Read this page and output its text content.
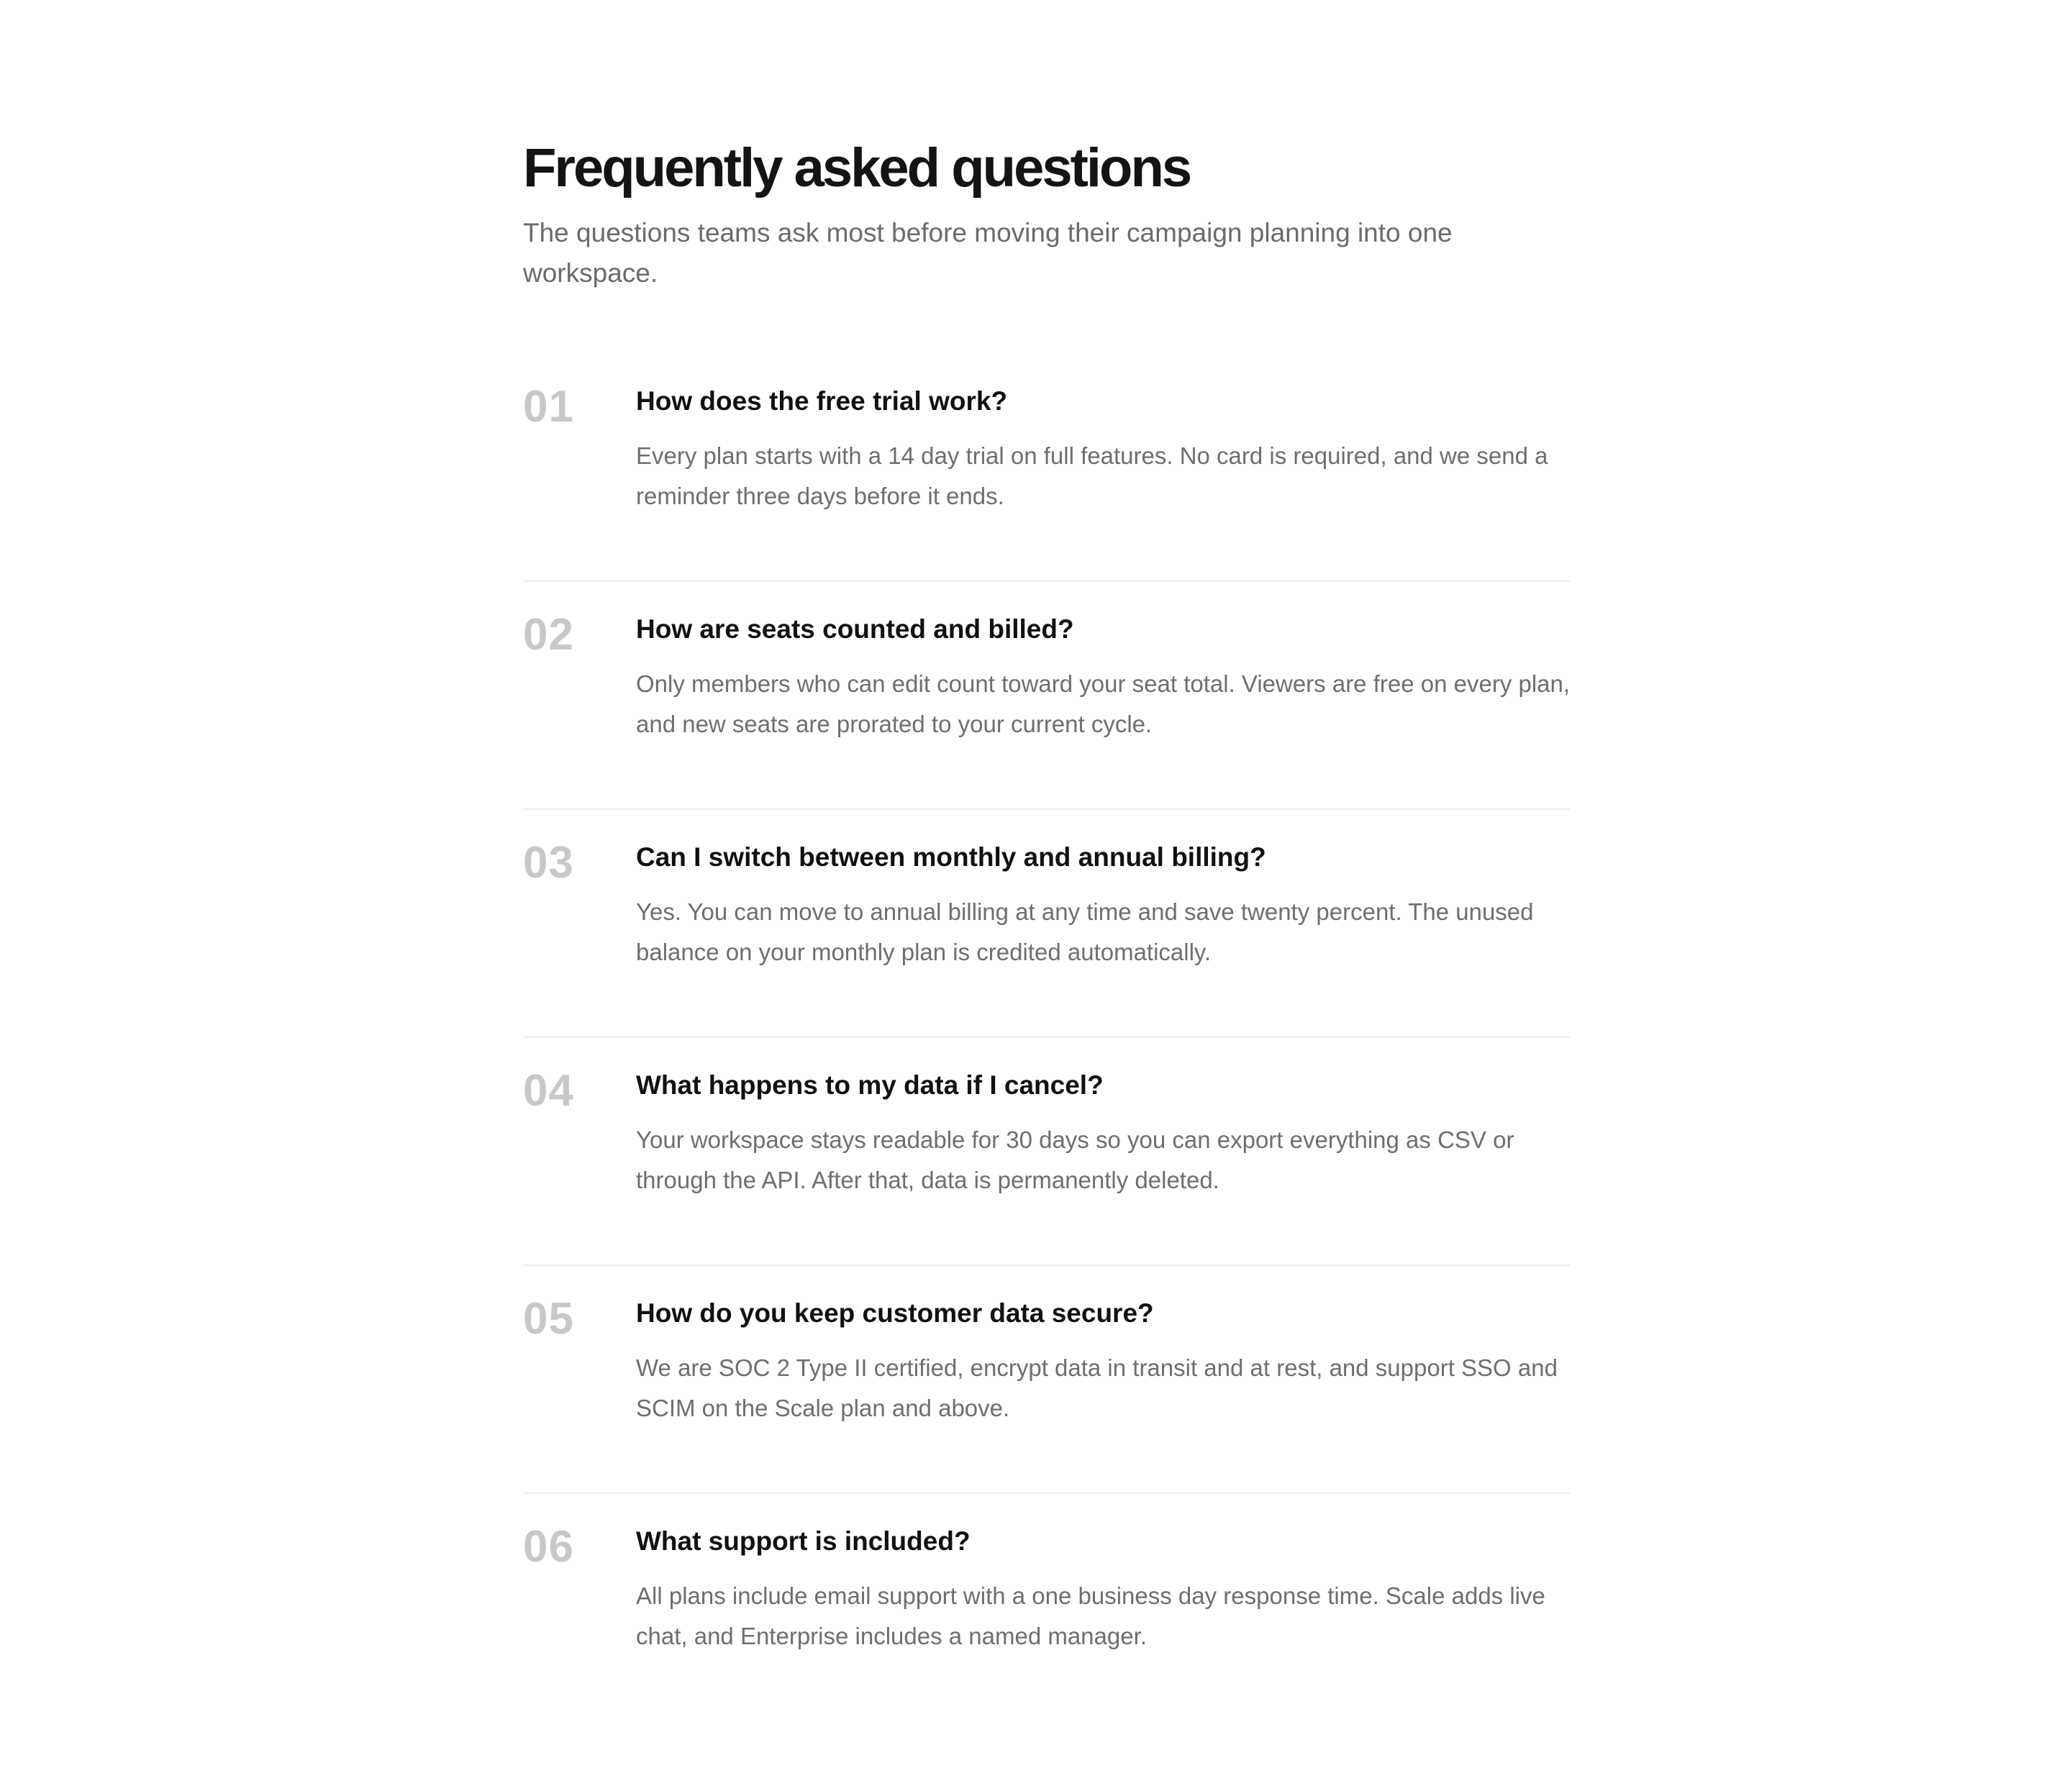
Frequently asked questions

The questions teams ask most before moving their campaign planning into one workspace.

01 How does the free trial work?

Every plan starts with a 14 day trial on full features. No card is required, and we send a reminder three days before it ends.

02 How are seats counted and billed?

Only members who can edit count toward your seat total. Viewers are free on every plan, and new seats are prorated to your current cycle.

03 Can I switch between monthly and annual billing?

Yes. You can move to annual billing at any time and save twenty percent. The unused balance on your monthly plan is credited automatically.

04 What happens to my data if I cancel?

Your workspace stays readable for 30 days so you can export everything as CSV or through the API. After that, data is permanently deleted.

05 How do you keep customer data secure?

We are SOC 2 Type II certified, encrypt data in transit and at rest, and support SSO and SCIM on the Scale plan and above.

06 What support is included?

All plans include email support with a one business day response time. Scale adds live chat, and Enterprise includes a named manager.
